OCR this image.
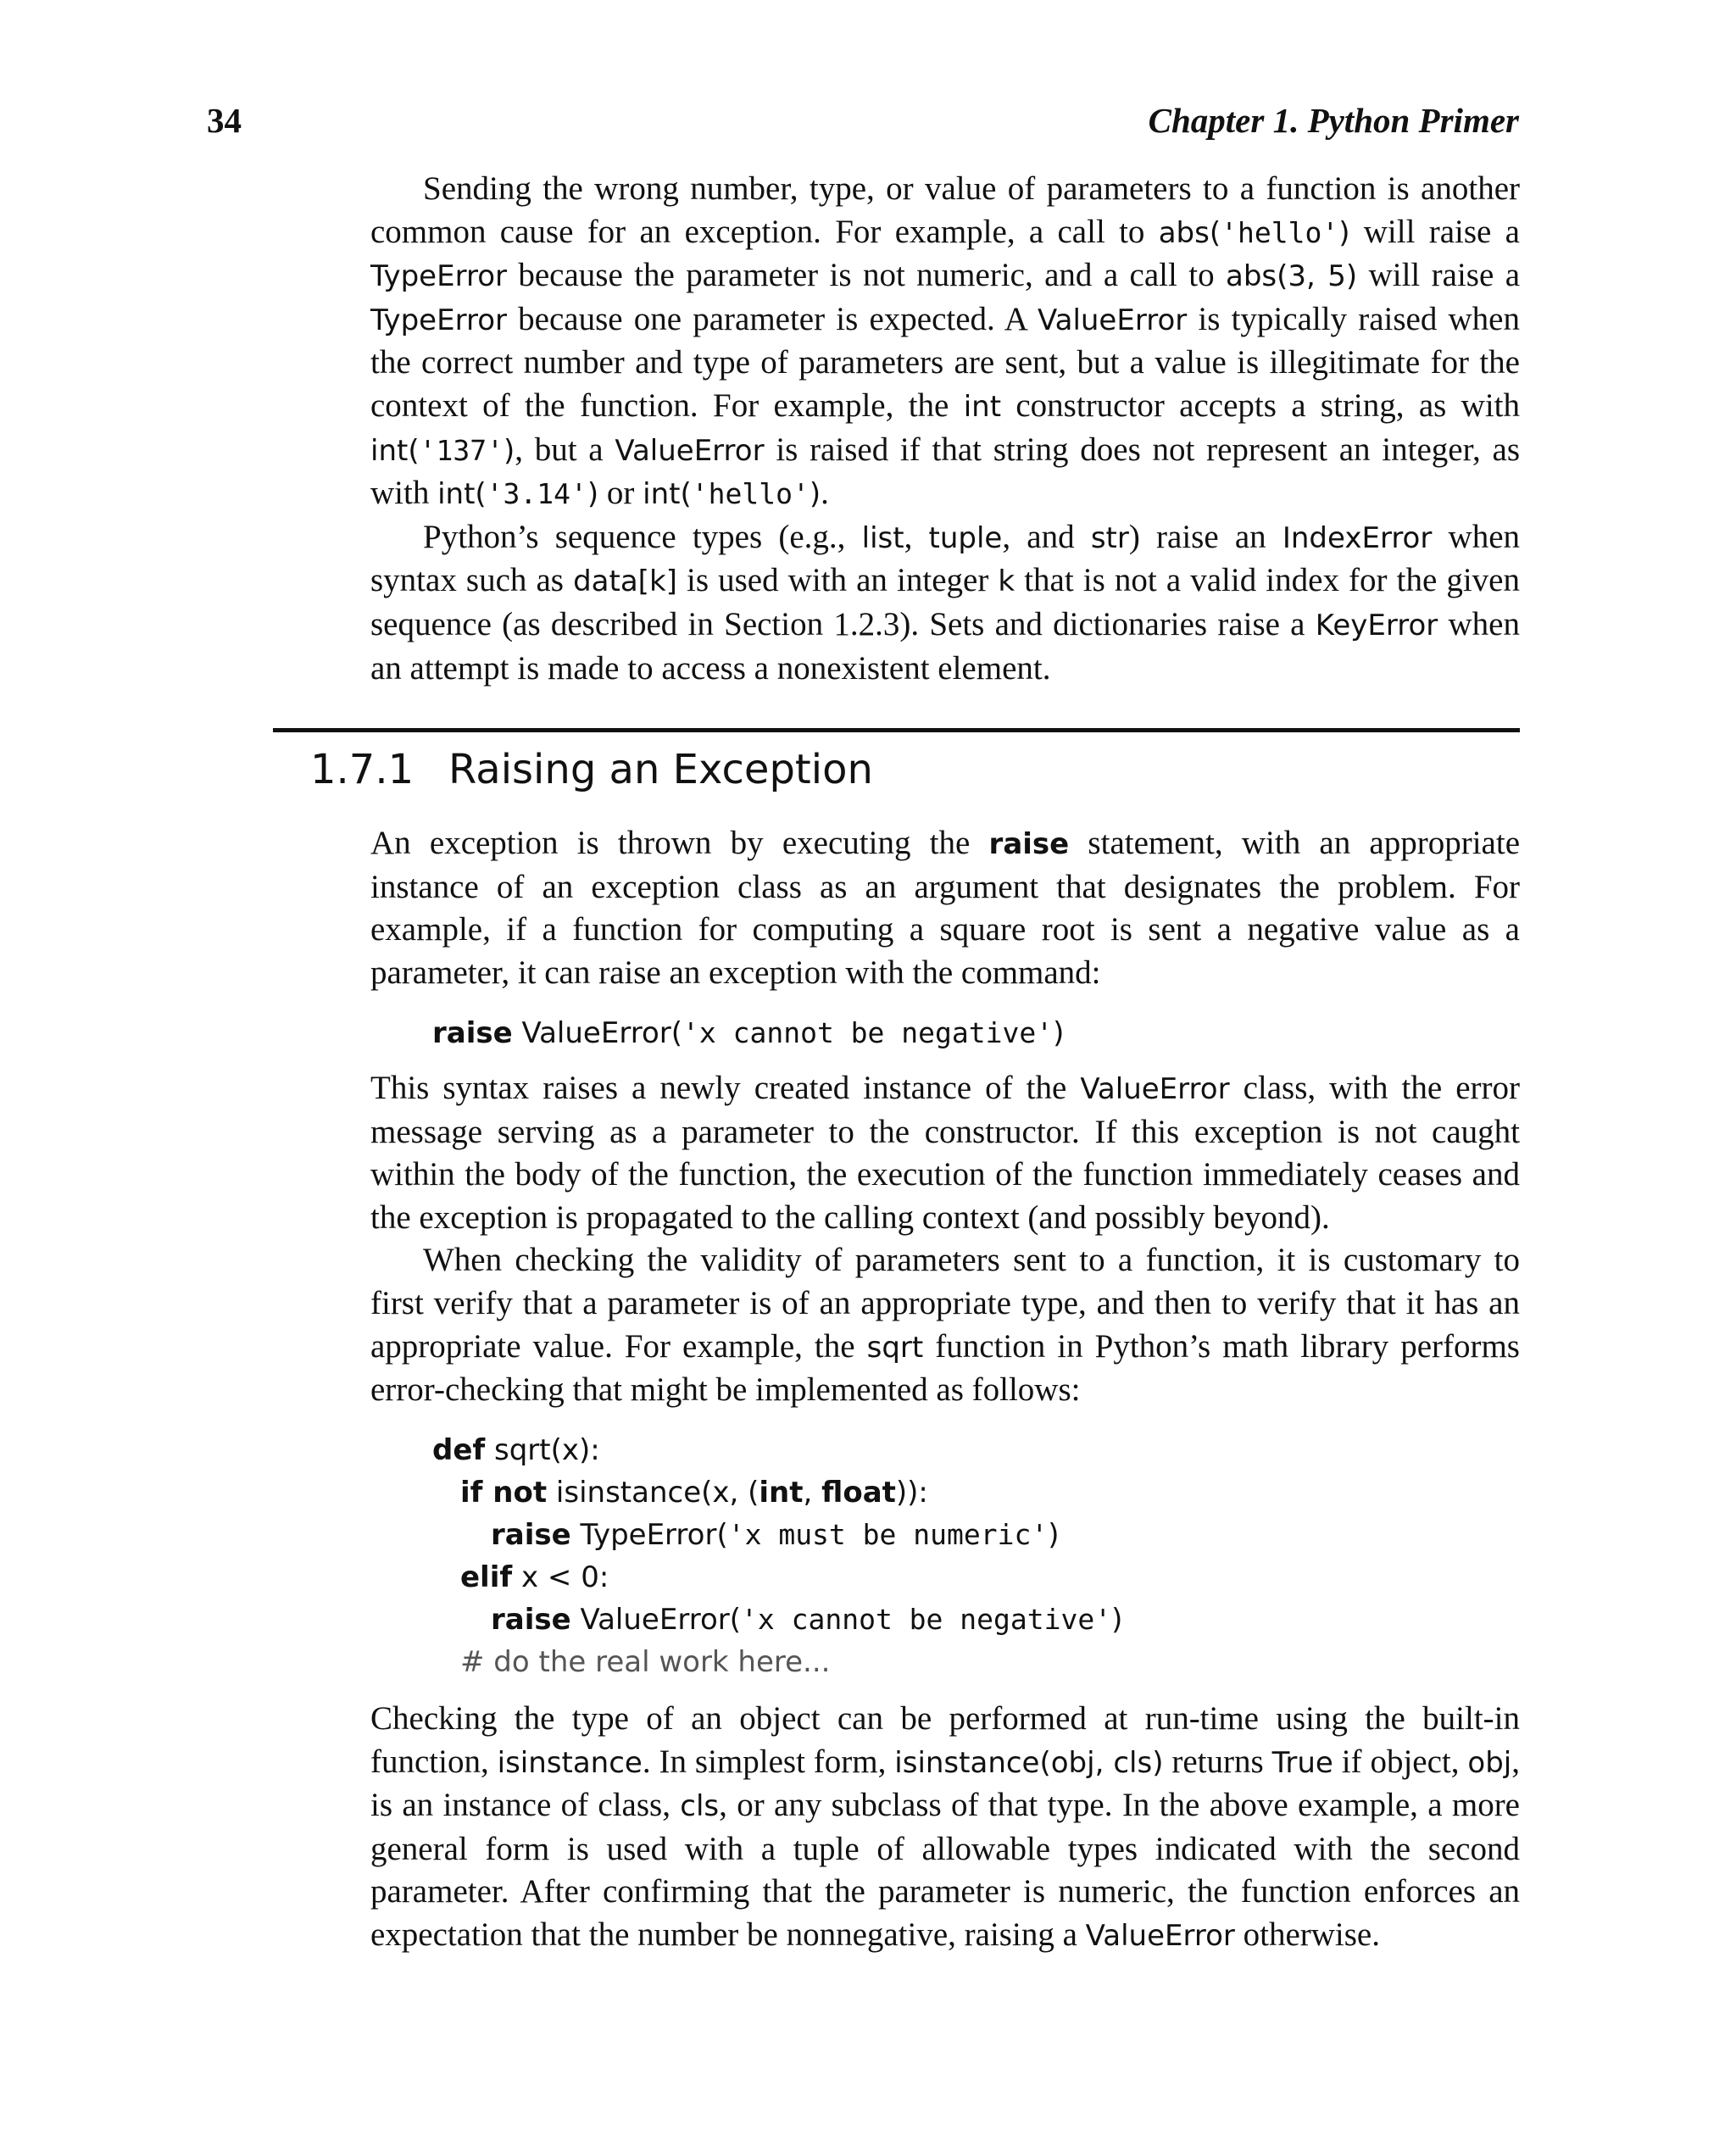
34	Chapter 1. Python Primer

Sending the wrong number, type, or value of parameters to a function is another common cause for an exception. For example, a call to abs('hello') will raise a TypeError because the parameter is not numeric, and a call to abs(3, 5) will raise a TypeError because one parameter is expected. A ValueError is typically raised when the correct number and type of parameters are sent, but a value is illegitimate for the context of the function. For example, the int constructor accepts a string, as with int('137'), but a ValueError is raised if that string does not represent an integer, as with int('3.14') or int('hello').

Python’s sequence types (e.g., list, tuple, and str) raise an IndexError when syntax such as data[k] is used with an integer k that is not a valid index for the given sequence (as described in Section 1.2.3). Sets and dictionaries raise a KeyError when an attempt is made to access a nonexistent element.

1.7.1 Raising an Exception

An exception is thrown by executing the raise statement, with an appropriate instance of an exception class as an argument that designates the problem. For example, if a function for computing a square root is sent a negative value as a parameter, it can raise an exception with the command:

raise ValueError('x cannot be negative')

This syntax raises a newly created instance of the ValueError class, with the error message serving as a parameter to the constructor. If this exception is not caught within the body of the function, the execution of the function immediately ceases and the exception is propagated to the calling context (and possibly beyond).

When checking the validity of parameters sent to a function, it is customary to first verify that a parameter is of an appropriate type, and then to verify that it has an appropriate value. For example, the sqrt function in Python’s math library performs error-checking that might be implemented as follows:

def sqrt(x):
if not isinstance(x, (int, float)):
raise TypeError('x must be numeric')
elif x < 0:
raise ValueError('x cannot be negative')
# do the real work here...

Checking the type of an object can be performed at run-time using the built-in function, isinstance. In simplest form, isinstance(obj, cls) returns True if object, obj, is an instance of class, cls, or any subclass of that type. In the above example, a more general form is used with a tuple of allowable types indicated with the second parameter. After confirming that the parameter is numeric, the function enforces an expectation that the number be nonnegative, raising a ValueError otherwise.
